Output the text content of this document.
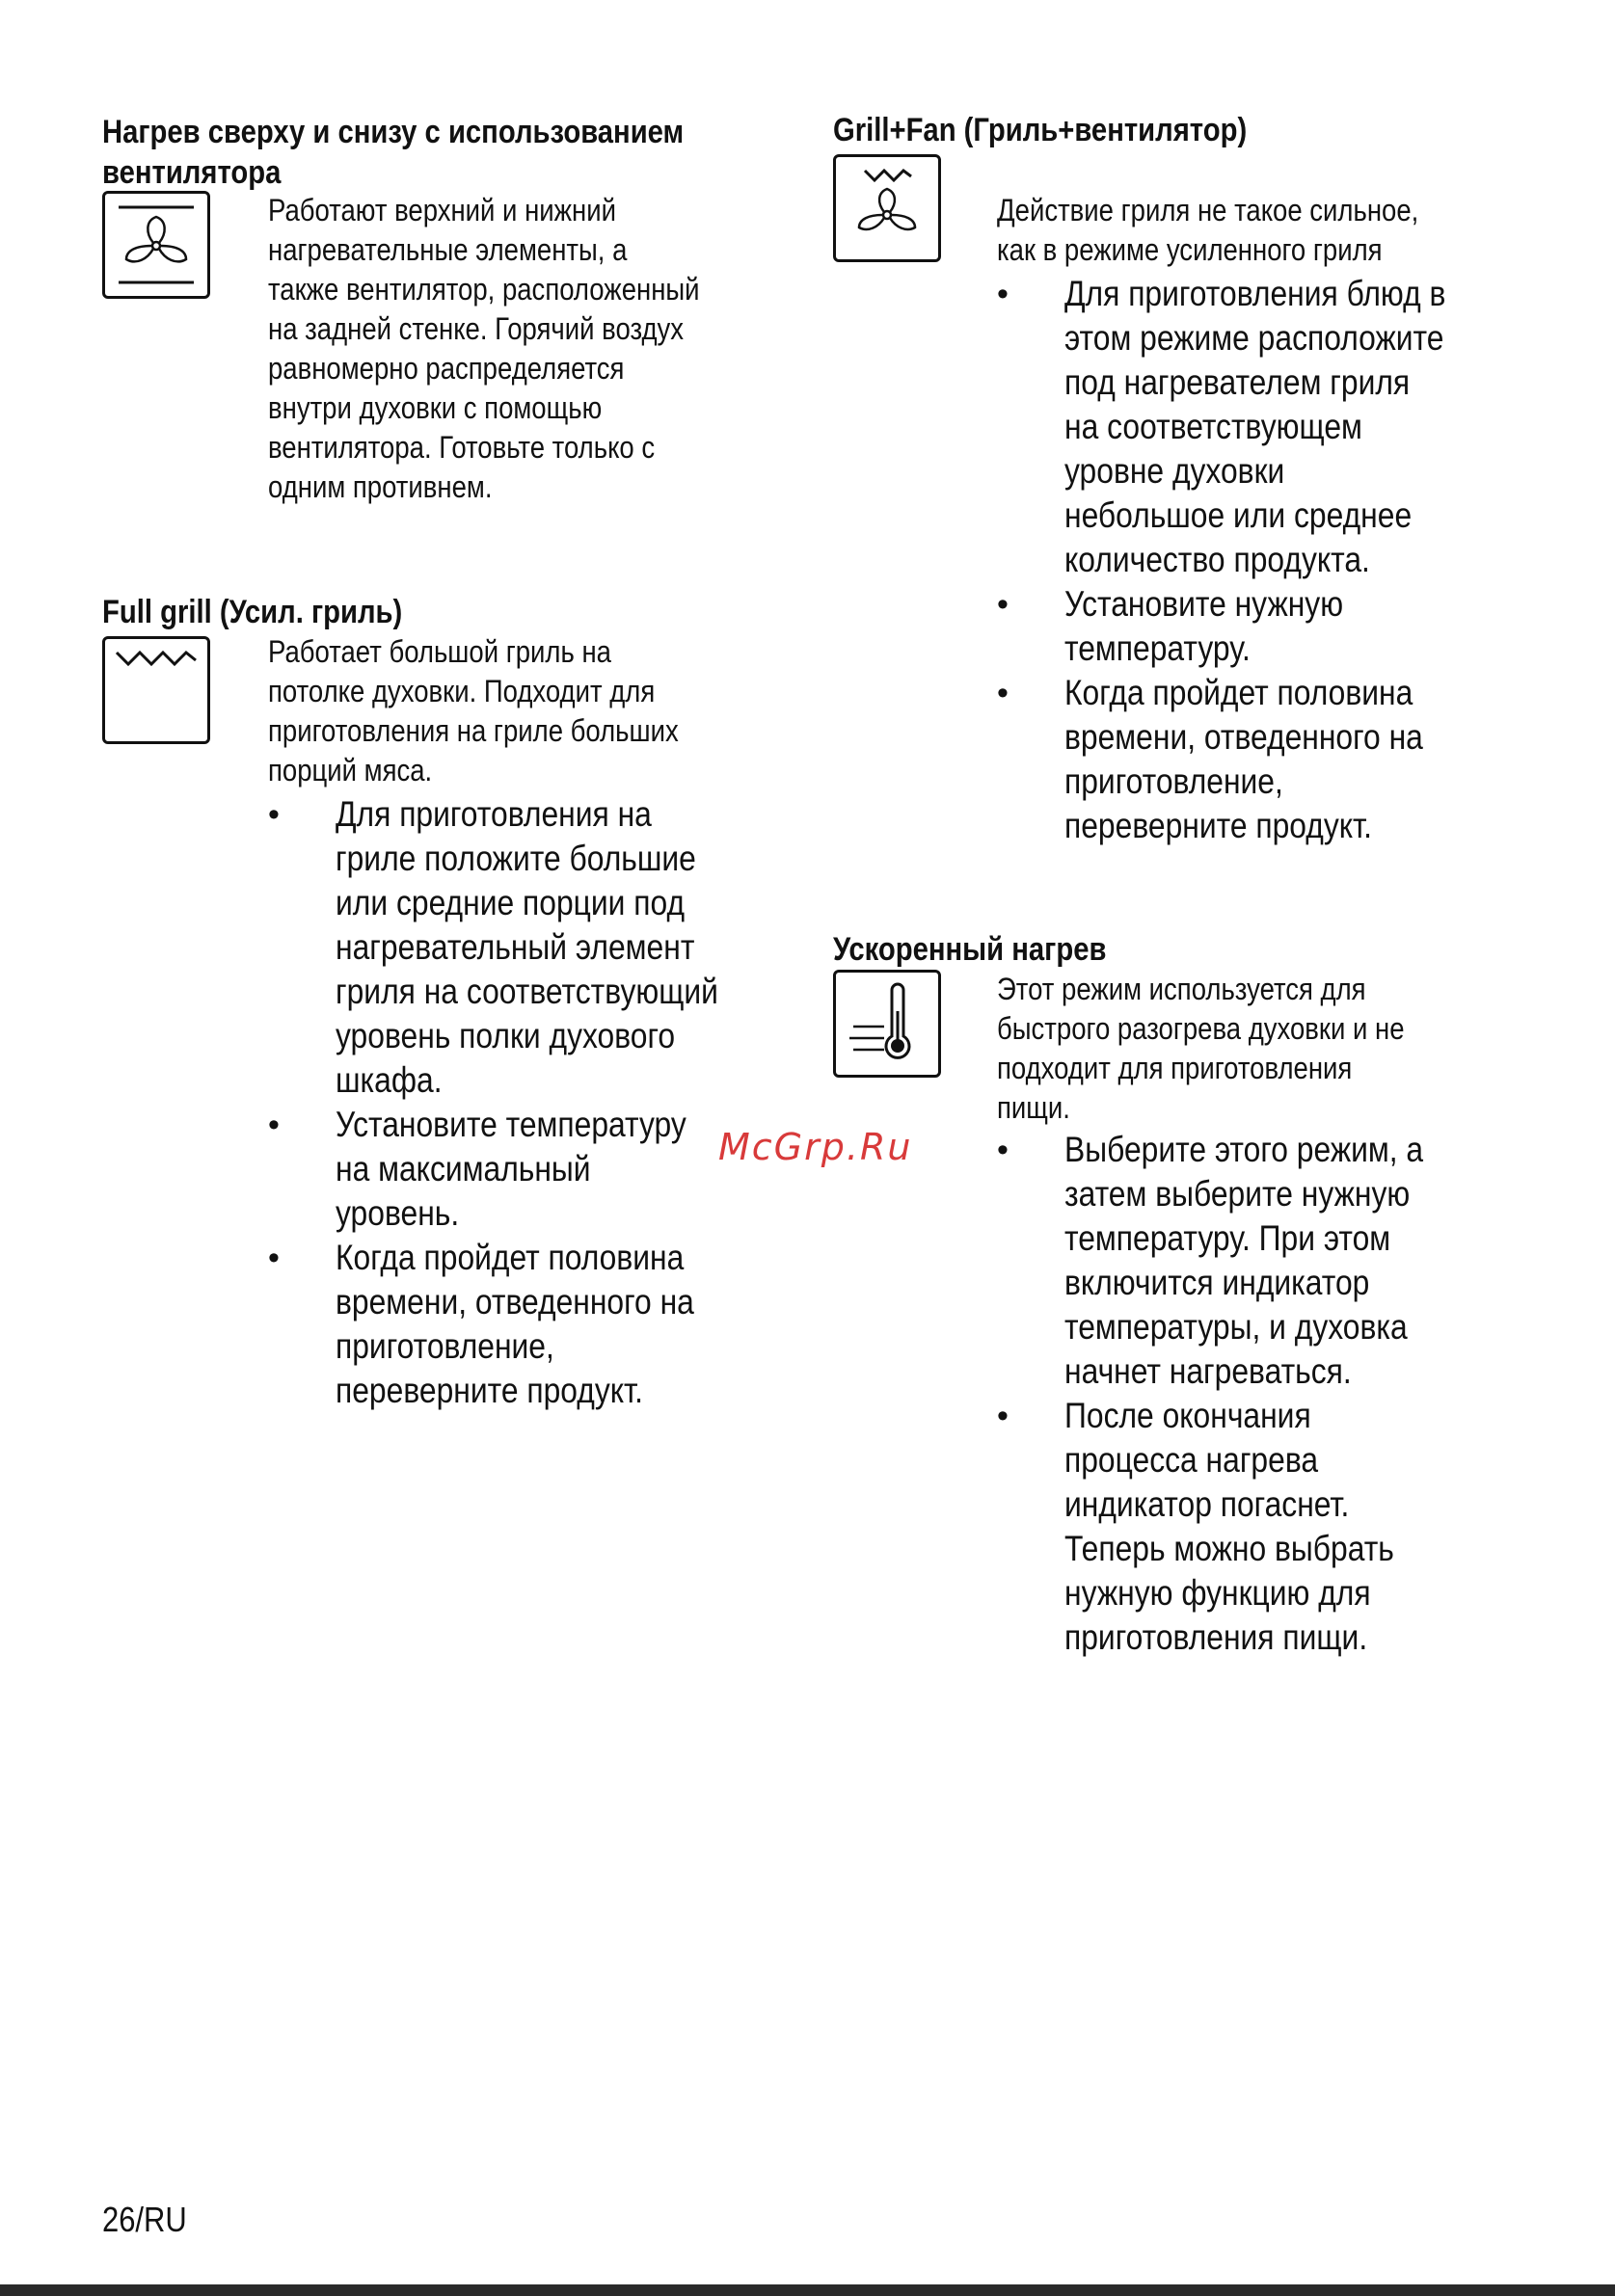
Нагрев сверху и снизу с использованием
вентилятора
Работают верхний и нижний
нагревательные элементы, а
также вентилятор, расположенный
на задней стенке. Горячий воздух
равномерно распределяется
внутри духовки с помощью
вентилятора. Готовьте только с
одним противнем.
Full grill (Усил. гриль)
Работает большой гриль на
потолке духовки. Подходит для
приготовления на гриле больших
порций мяса.
• Для приготовления на
гриле положите большие
или средние порции под
нагревательный элемент
гриля на соответствующий
уровень полки духового
шкафа.
• Установите температуру
на максимальный
уровень.
• Когда пройдет половина
времени, отведенного на
приготовление,
переверните продукт.
Grill+Fan (Гриль+вентилятор)
Действие гриля не такое сильное,
как в режиме усиленного гриля
• Для приготовления блюд в
этом режиме расположите
под нагревателем гриля
на соответствующем
уровне духовки
небольшое или среднее
количество продукта.
• Установите нужную
температуру.
• Когда пройдет половина
времени, отведенного на
приготовление,
переверните продукт.
Ускоренный нагрев
Этот режим используется для
быстрого разогрева духовки и не
подходит для приготовления
пищи.
• Выберите этого режим, а
затем выберите нужную
температуру. При этом
включится индикатор
температуры, и духовка
начнет нагреваться.
• После окончания
процесса нагрева
индикатор погаснет.
Теперь можно выбрать
нужную функцию для
приготовления пищи.
McGrp.Ru
26/RU
